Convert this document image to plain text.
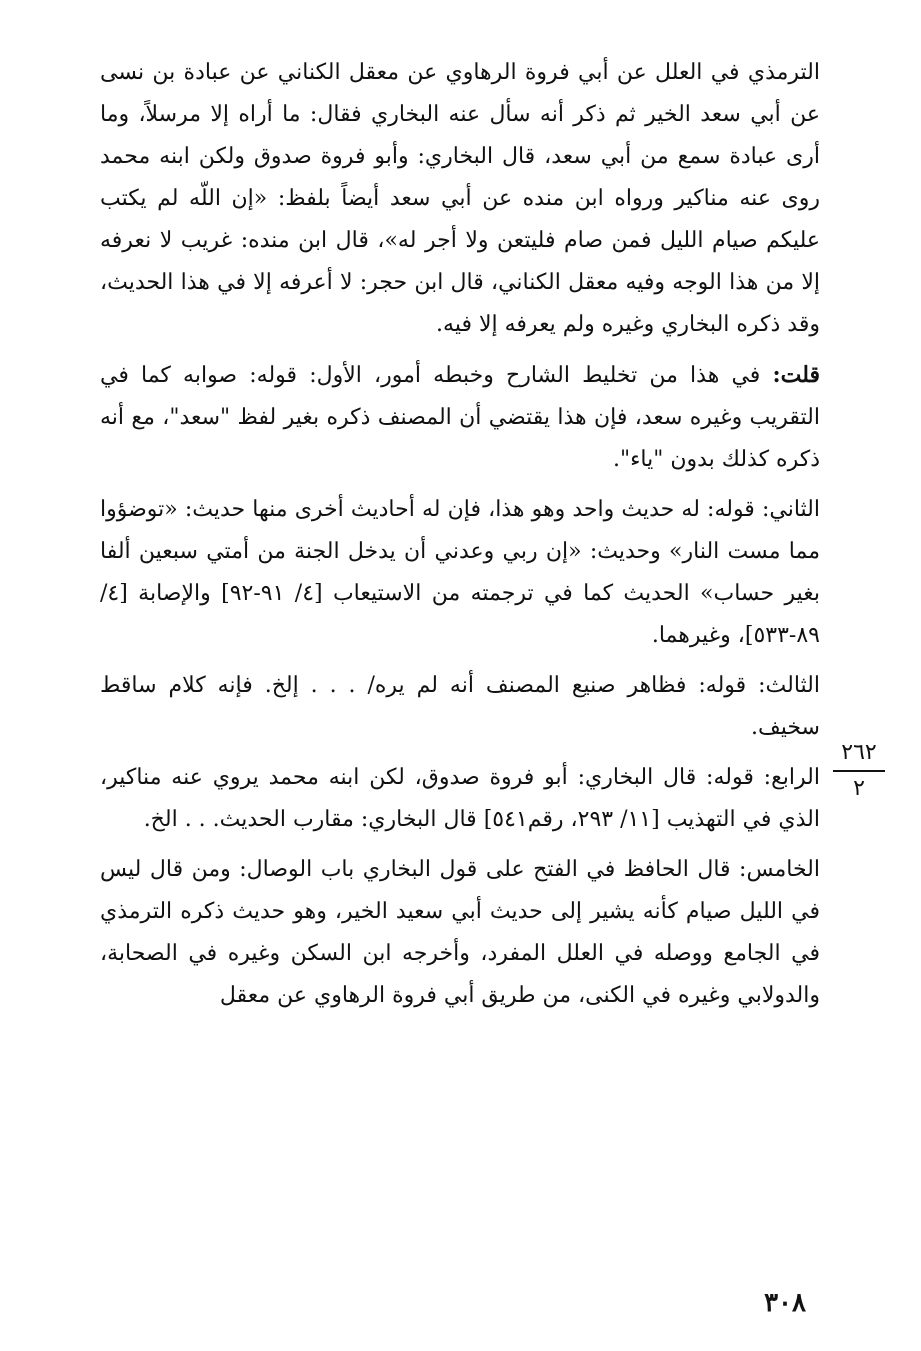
الترمذي في العلل عن أبي فروة الرهاوي عن معقل الكناني عن عبادة بن نسى عن أبي سعد الخير ثم ذكر أنه سأل عنه البخاري فقال: ما أراه إلا مرسلاً، وما أرى عبادة سمع من أبي سعد، قال البخاري: وأبو فروة صدوق ولكن ابنه محمد روى عنه مناكير ورواه ابن منده عن أبي سعد أيضاً بلفظ: «إن اللّه لم يكتب عليكم صيام الليل فمن صام فليتعن ولا أجر له»، قال ابن منده: غريب لا نعرفه إلا من هذا الوجه وفيه معقل الكناني، قال ابن حجر: لا أعرفه إلا في هذا الحديث، وقد ذكره البخاري وغيره ولم يعرفه إلا فيه.

قلت: في هذا من تخليط الشارح وخبطه أمور، الأول: قوله: صوابه كما في التقريب وغيره سعد، فإن هذا يقتضي أن المصنف ذكره بغير لفظ "سعد"، مع أنه ذكره كذلك بدون "ياء".

الثاني: قوله: له حديث واحد وهو هذا، فإن له أحاديث أخرى منها حديث: «توضؤوا مما مست النار» وحديث: «إن ربي وعدني أن يدخل الجنة من أمتي سبعين ألفا بغير حساب» الحديث كما في ترجمته من الاستيعاب [٤/ ٩١-٩٢] والإصابة [٤/ ٨٩-٥٣٣]، وغيرهما.

الثالث: قوله: فظاهر صنيع المصنف أنه لم يره/ . . . إلخ. فإنه كلام ساقط سخيف.

الرابع: قوله: قال البخاري: أبو فروة صدوق، لكن ابنه محمد يروي عنه مناكير، الذي في التهذيب [١١/ ٢٩٣، رقم٥٤١] قال البخاري: مقارب الحديث. . . الخ.

الخامس: قال الحافظ في الفتح على قول البخاري باب الوصال: ومن قال ليس في الليل صيام كأنه يشير إلى حديث أبي سعيد الخير، وهو حديث ذكره الترمذي في الجامع ووصله في العلل المفرد، وأخرجه ابن السكن وغيره في الصحابة، والدولابي وغيره في الكنى، من طريق أبي فروة الرهاوي عن معقل

٢٦٢
٢
٣٠٨
